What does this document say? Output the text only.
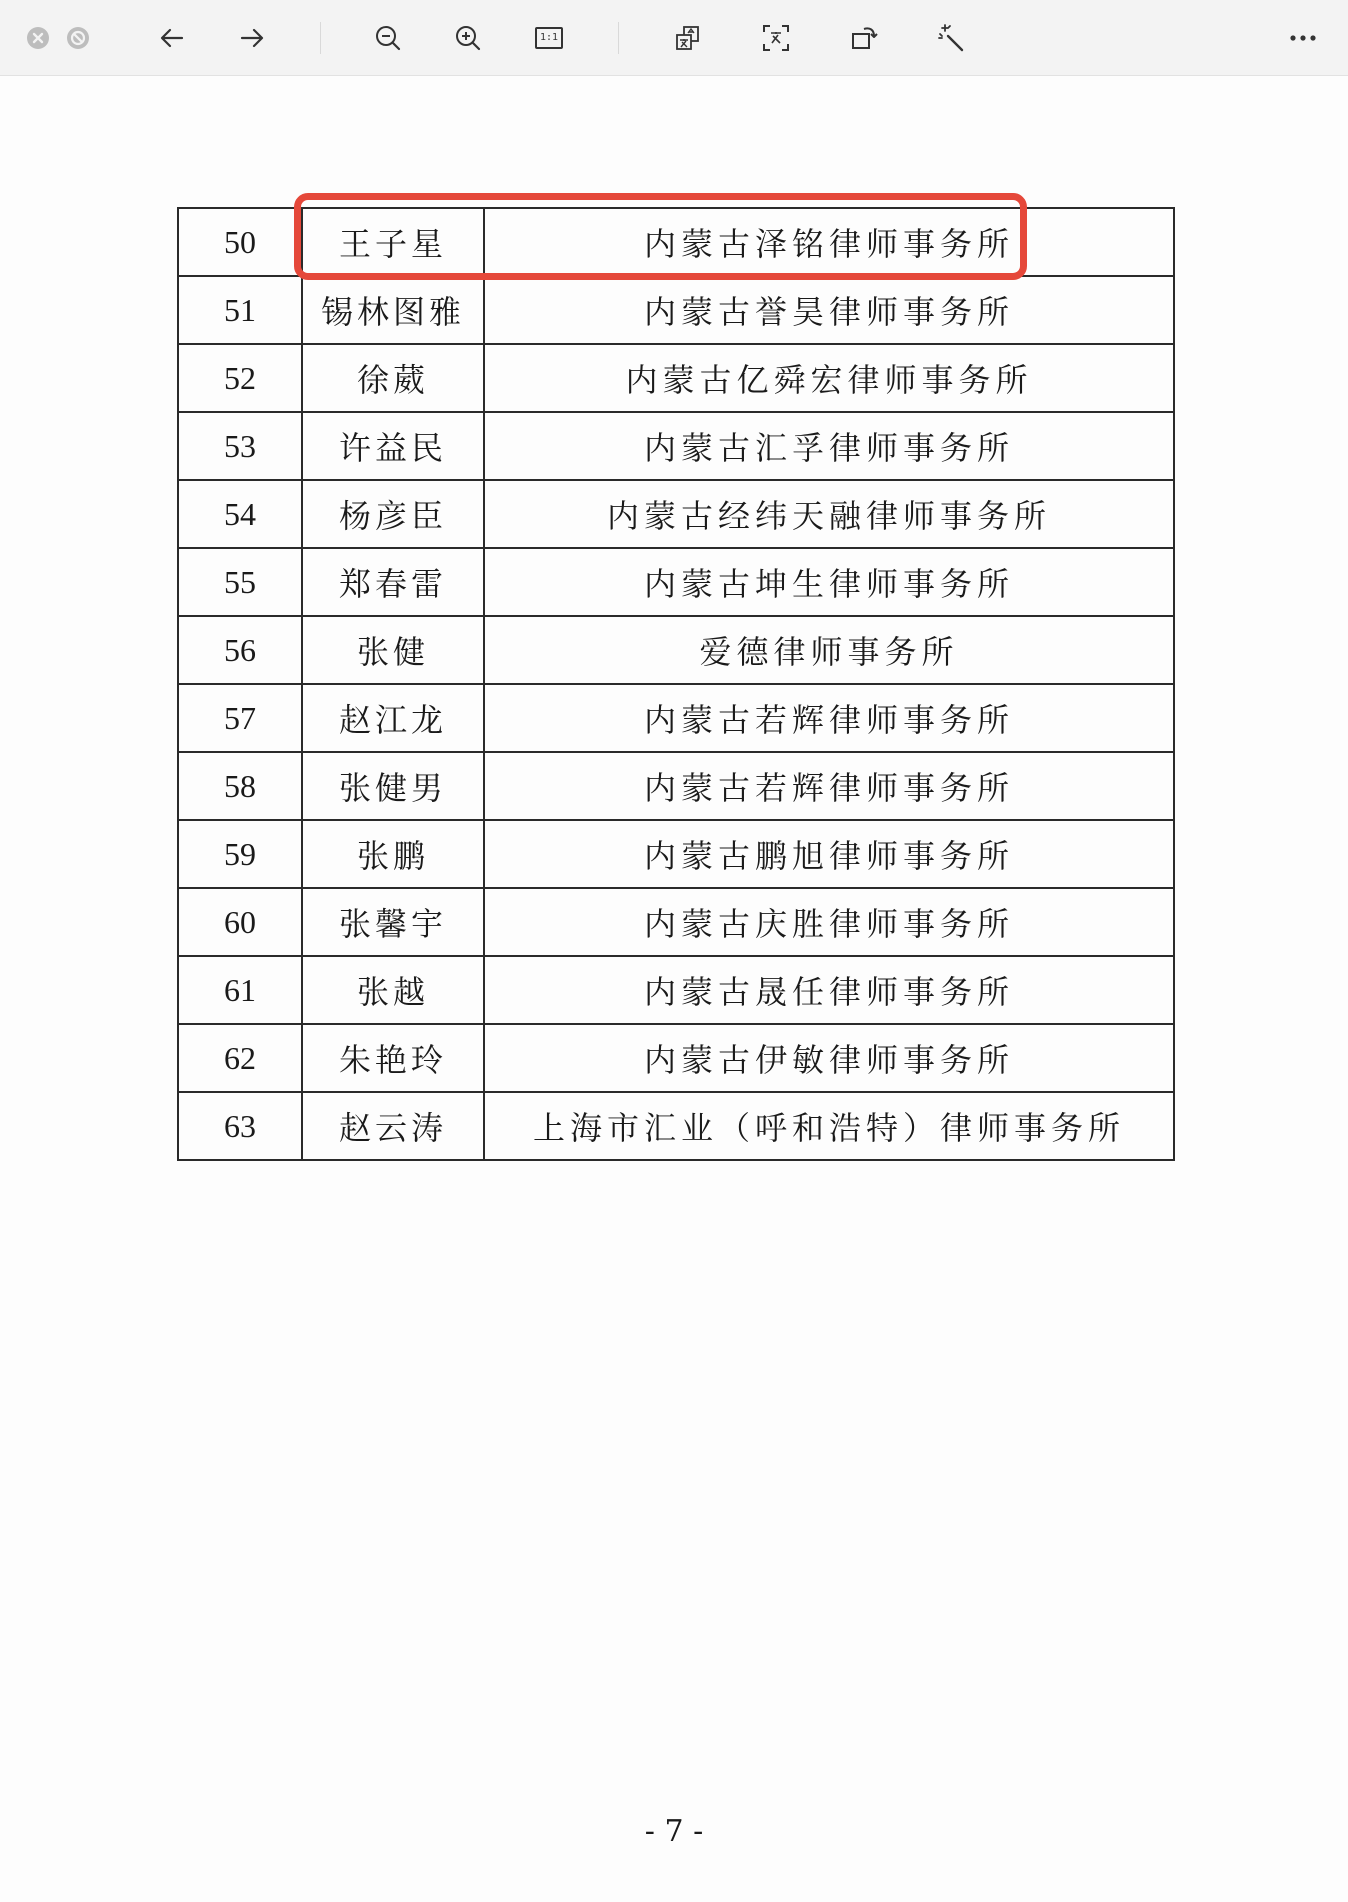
1:1
50	王子星	内蒙古泽铭律师事务所
51	锡林图雅	内蒙古誉昊律师事务所
52	徐葳	内蒙古亿舜宏律师事务所
53	许益民	内蒙古汇孚律师事务所
54	杨彦臣	内蒙古经纬天融律师事务所
55	郑春雷	内蒙古坤生律师事务所
56	张健	爱德律师事务所
57	赵江龙	内蒙古若辉律师事务所
58	张健男	内蒙古若辉律师事务所
59	张鹏	内蒙古鹏旭律师事务所
60	张馨宇	内蒙古庆胜律师事务所
61	张越	内蒙古晟任律师事务所
62	朱艳玲	内蒙古伊敏律师事务所
63	赵云涛	上海市汇业（呼和浩特）律师事务所
- 7 -
